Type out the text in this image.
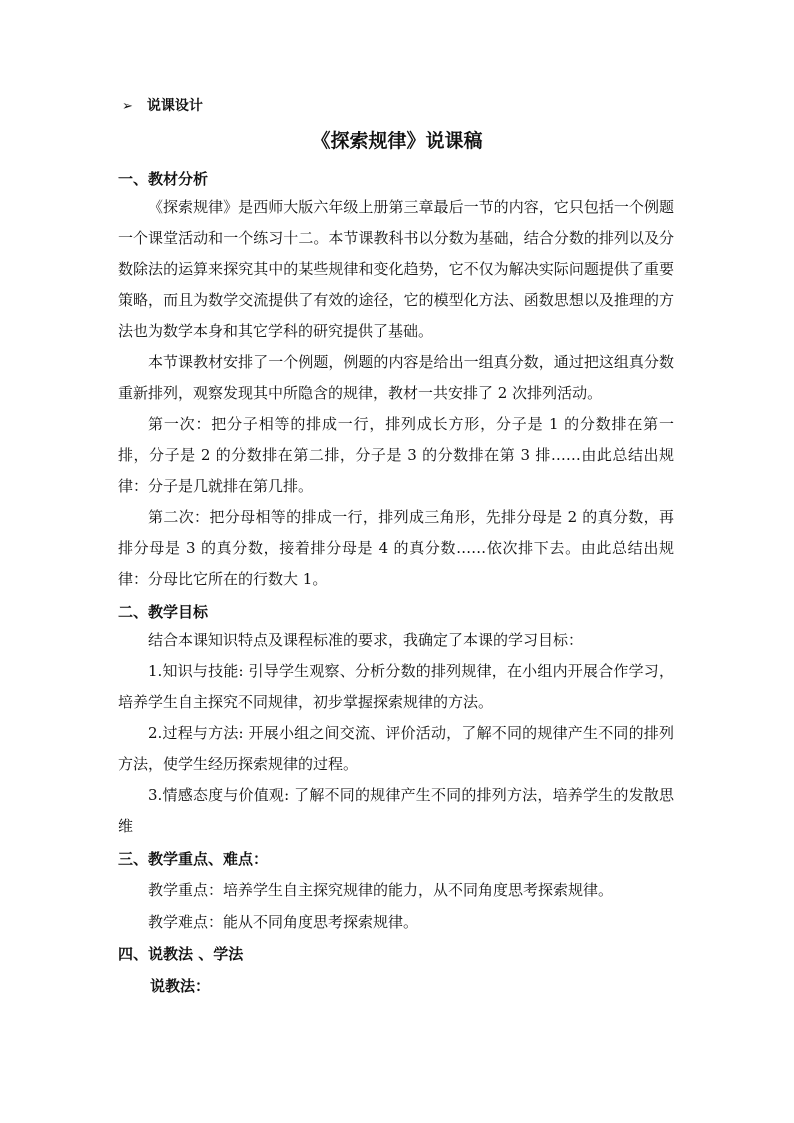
➢ 说课设计
《探索规律》说课稿
一、教材分析

《探索规律》是西师大版六年级上册第三章最后一节的内容，它只包括一个例题一个课堂活动和一个练习十二。本节课教科书以分数为基础，结合分数的排列以及分数除法的运算来探究其中的某些规律和变化趋势，它不仅为解决实际问题提供了重要策略，而且为数学交流提供了有效的途径，它的模型化方法、函数思想以及推理的方法也为数学本身和其它学科的研究提供了基础。

本节课教材安排了一个例题，例题的内容是给出一组真分数，通过把这组真分数重新排列，观察发现其中所隐含的规律，教材一共安排了 2 次排列活动。

第一次：把分子相等的排成一行，排列成长方形，分子是 1 的分数排在第一排，分子是 2 的分数排在第二排，分子是 3 的分数排在第 3 排……由此总结出规律：分子是几就排在第几排。

第二次：把分母相等的排成一行，排列成三角形，先排分母是 2 的真分数，再排分母是 3 的真分数，接着排分母是 4 的真分数……依次排下去。由此总结出规律：分母比它所在的行数大 1。

二、教学目标

结合本课知识特点及课程标准的要求，我确定了本课的学习目标：

1.知识与技能: 引导学生观察、分析分数的排列规律，在小组内开展合作学习，培养学生自主探究不同规律，初步掌握探索规律的方法。

2.过程与方法: 开展小组之间交流、评价活动，了解不同的规律产生不同的排列方法，使学生经历探索规律的过程。

3.情感态度与价值观: 了解不同的规律产生不同的排列方法，培养学生的发散思维

三、教学重点、难点：
教学重点：培养学生自主探究规律的能力，从不同角度思考探索规律。
教学难点：能从不同角度思考探索规律。
四、说教法 、学法
说教法：
